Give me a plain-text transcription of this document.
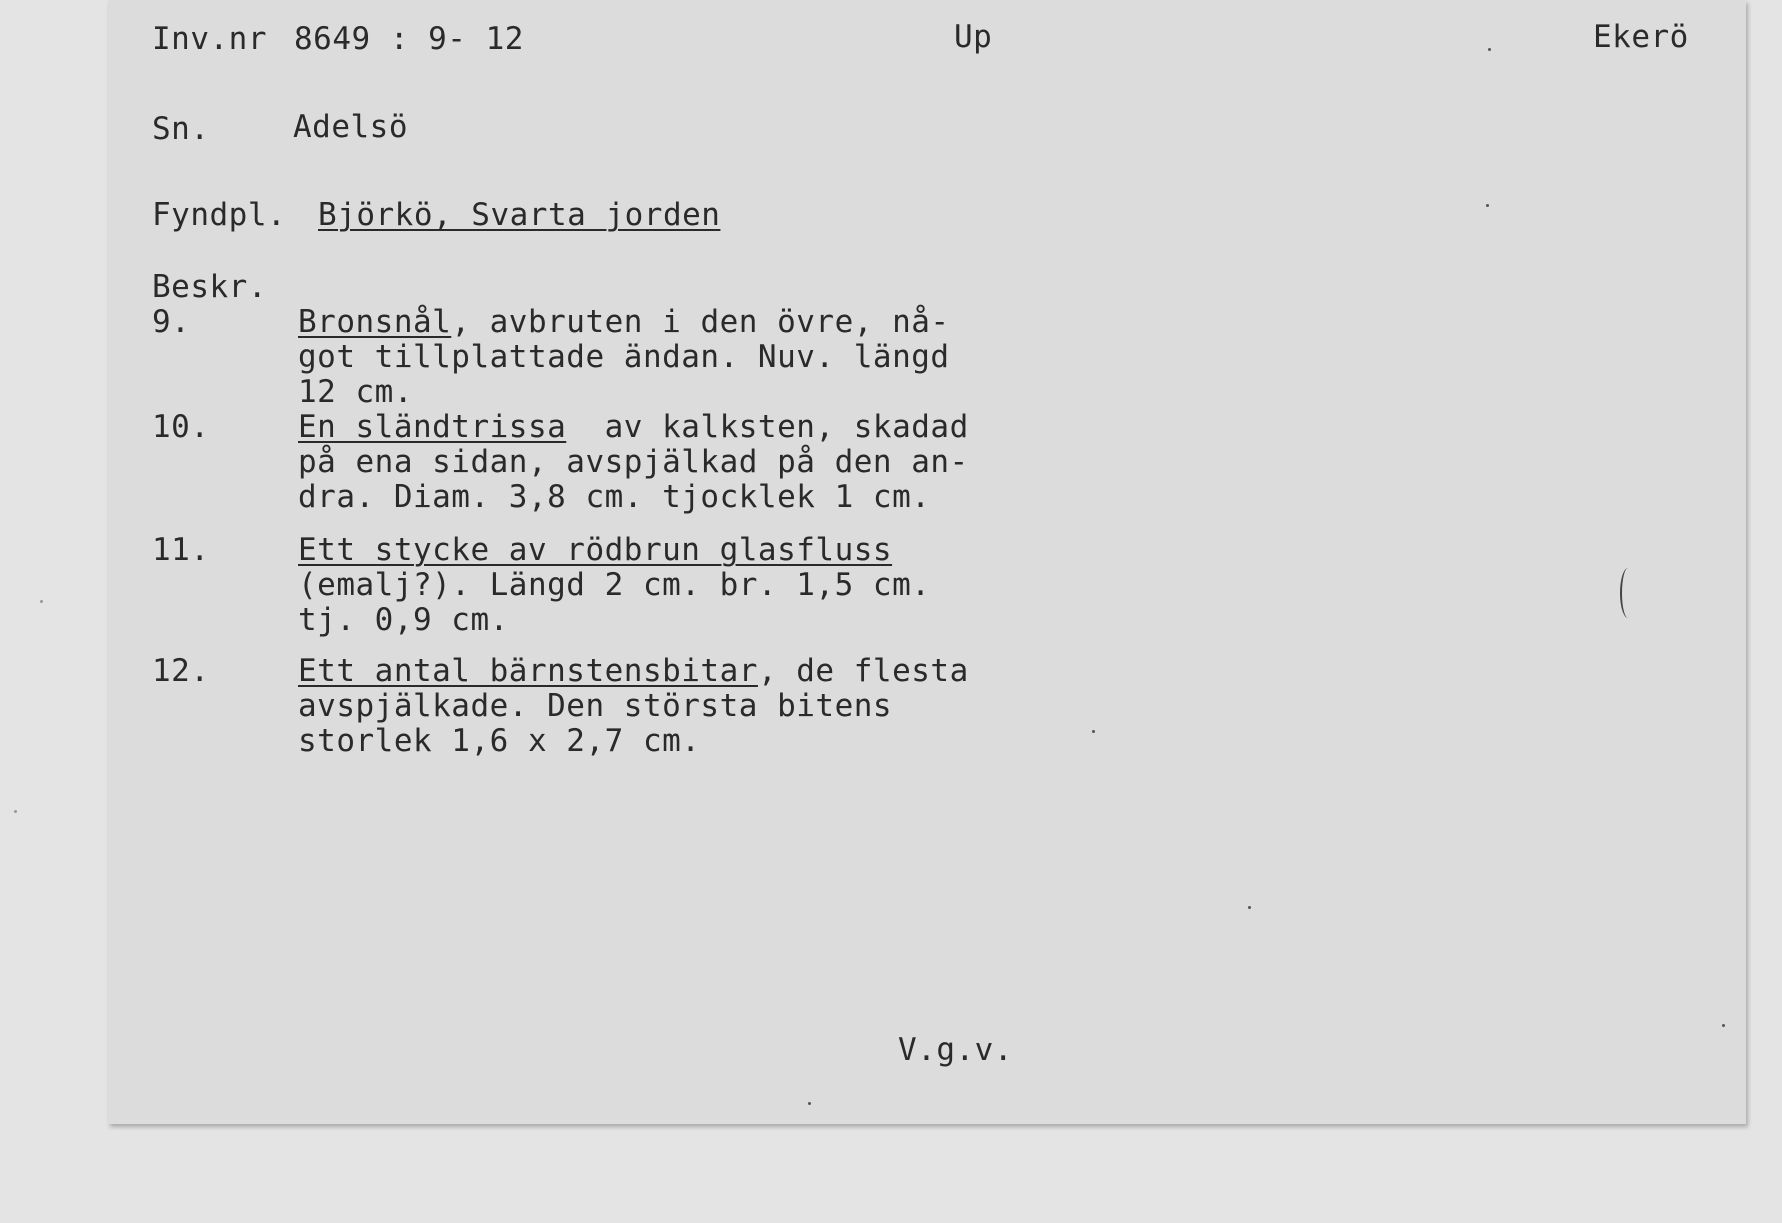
Inv.nr 8649 : 9- 12	Up	Ekerö
Sn.	Adelsö
Fyndpl. Björkö, Svarta jorden
Beskr.
9.	Bronsnål, avbruten i den övre, nå-
got tillplattade ändan. Nuv. längd
12 cm.
10.	En sländtrissa  av kalksten, skadad
på ena sidan, avspjälkad på den an-
dra. Diam. 3,8 cm. tjocklek 1 cm.
11.	Ett stycke av rödbrun glasfluss
(emalj?). Längd 2 cm. br. 1,5 cm.
tj. 0,9 cm.
12.	Ett antal bärnstensbitar, de flesta
avspjälkade. Den största bitens
storlek 1,6 x 2,7 cm.
V.g.v.
